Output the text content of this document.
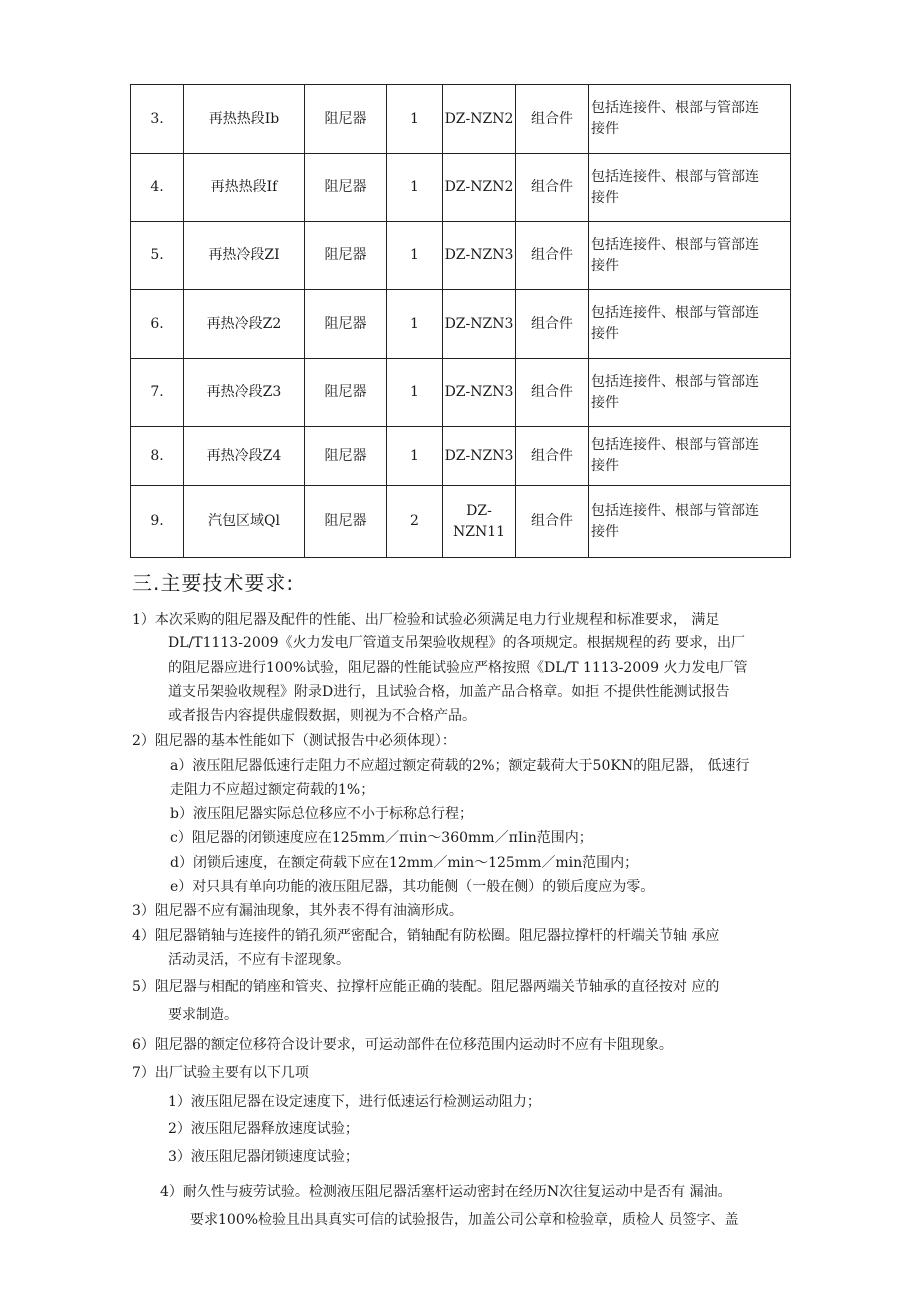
3.	再热热段Ib	阻尼器	1	DZ-NZN2	组合件	包括连接件、根部与管部连
接件
4.	再热热段If	阻尼器	1	DZ-NZN2	组合件	包括连接件、根部与管部连
接件
5.	再热冷段ZI	阻尼器	1	DZ-NZN3	组合件	包括连接件、根部与管部连
接件
6.	再热冷段Z2	阻尼器	1	DZ-NZN3	组合件	包括连接件、根部与管部连
接件
7.	再热冷段Z3	阻尼器	1	DZ-NZN3	组合件	包括连接件、根部与管部连
接件
8.	再热冷段Z4	阻尼器	1	DZ-NZN3	组合件	包括连接件、根部与管部连
接件
9.	汽包区域Ql	阻尼器	2	DZ-NZN11	组合件	包括连接件、根部与管部连
接件
三.主要技术要求:

1）本次采购的阻尼器及配件的性能、出厂检验和试验必须满足电力行业规程和标准要求， 满足

DL/T1113-2009《火力发电厂管道支吊架验收规程》的各项规定。根据规程的药 要求，出厂

的阻尼器应进行100%试验，阻尼器的性能试验应严格按照《DL/T 1113-2009 火力发电厂管

道支吊架验收规程》附录D进行，且试验合格，加盖产品合格章。如拒 不提供性能测试报告

或者报告内容提供虚假数据，则视为不合格产品。

2）阻尼器的基本性能如下（测试报告中必须体现）：

a）液压阻尼器低速行走阻力不应超过额定荷载的2%；额定载荷大于50KN的阻尼器， 低速行

走阻力不应超过额定荷载的1%；

b）液压阻尼器实际总位移应不小于标称总行程；

c）阻尼器的闭锁速度应在125mm／πιin～360mm／πIin范围内；

d）闭锁后速度，在额定荷载下应在12mm／min～125mm／min范围内；

e）对只具有单向功能的液压阻尼器，其功能侧（一般在侧）的锁后度应为零。

3）阻尼器不应有漏油现象，其外表不得有油滴形成。

4）阻尼器销轴与连接件的销孔须严密配合，销轴配有防松圈。阻尼器拉撑杆的杆端关节轴 承应

活动灵活，不应有卡涩现象。

5）阻尼器与相配的销座和管夹、拉撑杆应能正确的装配。阻尼器两端关节轴承的直径按对 应的

要求制造。

6）阻尼器的额定位移符合设计要求，可运动部件在位移范围内运动时不应有卡阻现象。

7）出厂试验主要有以下几项

1）液压阻尼器在设定速度下，进行低速运行检测运动阻力；

2）液压阻尼器释放速度试验；

3）液压阻尼器闭锁速度试验；

4）耐久性与疲劳试验。检测液压阻尼器活塞杆运动密封在经历N次往复运动中是否有 漏油。

要求100%检验且出具真实可信的试验报告，加盖公司公章和检验章，质检人 员签字、盖
